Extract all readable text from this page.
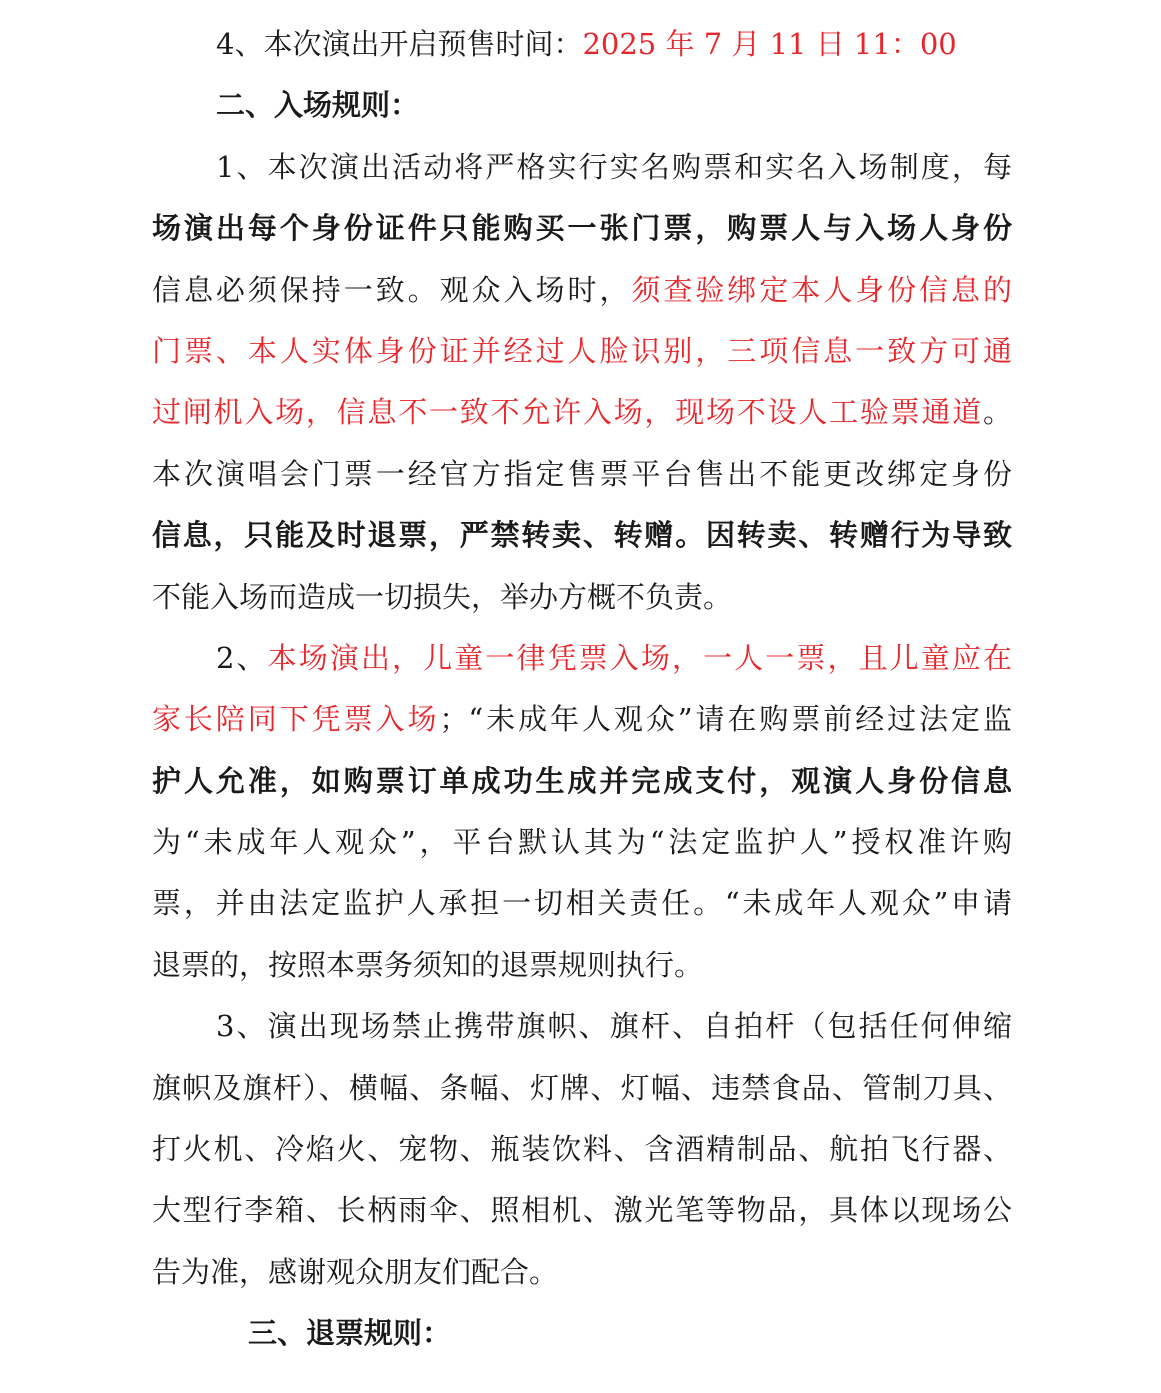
4、本次演出开启预售时间：2025 年 7 月 11 日 11：00
二、入场规则：
1、本次演出活动将严格实行实名购票和实名入场制度，每
场演出每个身份证件只能购买一张门票，购票人与入场人身份
信息必须保持一致。观众入场时，须查验绑定本人身份信息的
门票、本人实体身份证并经过人脸识别，三项信息一致方可通
过闸机入场，信息不一致不允许入场，现场不设人工验票通道。
本次演唱会门票一经官方指定售票平台售出不能更改绑定身份
信息，只能及时退票，严禁转卖、转赠。因转卖、转赠行为导致
不能入场而造成一切损失，举办方概不负责。
2、本场演出，儿童一律凭票入场，一人一票，且儿童应在
家长陪同下凭票入场；“未成年人观众”请在购票前经过法定监
护人允准，如购票订单成功生成并完成支付，观演人身份信息
为“未成年人观众”，平台默认其为“法定监护人”授权准许购
票，并由法定监护人承担一切相关责任。“未成年人观众”申请
退票的，按照本票务须知的退票规则执行。
3、演出现场禁止携带旗帜、旗杆、自拍杆（包括任何伸缩
旗帜及旗杆）、横幅、条幅、灯牌、灯幅、违禁食品、管制刀具、
打火机、冷焰火、宠物、瓶装饮料、含酒精制品、航拍飞行器、
大型行李箱、长柄雨伞、照相机、激光笔等物品，具体以现场公
告为准，感谢观众朋友们配合。
三、退票规则：
